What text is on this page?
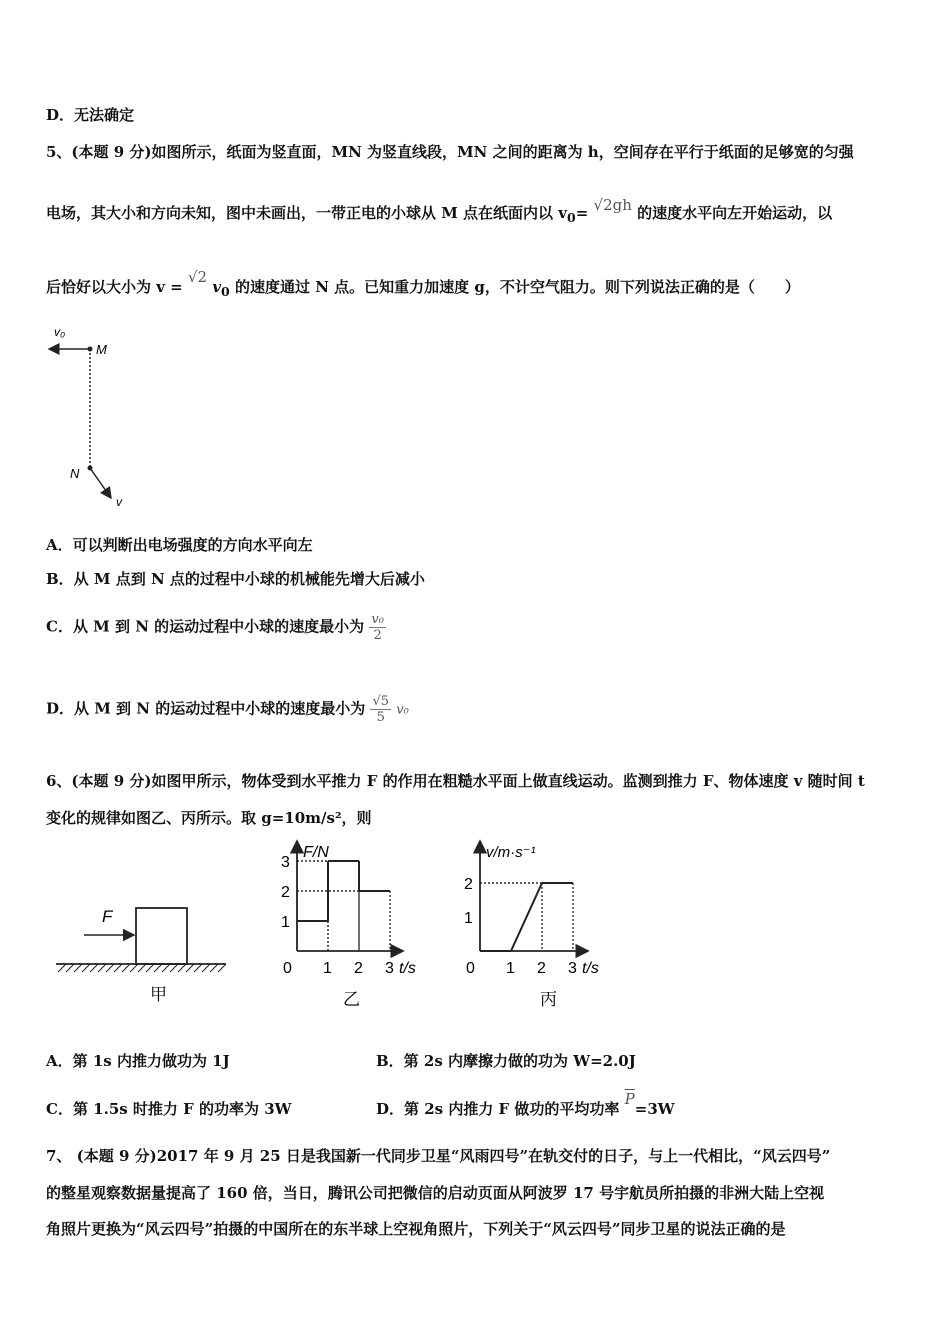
D．无法确定
5、(本题 9 分)如图所示，纸面为竖直面，MN 为竖直线段，MN 之间的距离为 h，空间存在平行于纸面的足够宽的匀强
电场，其大小和方向未知，图中未画出，一带正电的小球从 M 点在纸面内以 $v_0= √2gh$ 的速度水平向左开始运动，以
后恰好以大小为 v = √2 $v_0$ 的速度通过 N 点。已知重力加速度 g，不计空气阻力。则下列说法正确的是（　　）
v₀
M
N
v
A．可以判断出电场强度的方向水平向左
B．从 M 点到 N 点的过程中小球的机械能先增大后减小
C．从 M 到 N 的运动过程中小球的速度最小为 $\frac{\text{v₀}}{2}$
D．从 M 到 N 的运动过程中小球的速度最小为 $\frac{√5}{5} v_0$
6、(本题 9 分)如图甲所示，物体受到水平推力 F 的作用在粗糙水平面上做直线运动。监测到推力 F、物体速度 v 随时间 t
变化的规律如图乙、丙所示。取 g=10m/s²，则
F
甲
F/N
t/s
0 1 2 3
1
2
3
乙
v/m·s⁻¹
t/s
0 1 2 3
1
2
丙
A．第 1s 内推力做功为 1J	B．第 2s 内摩擦力做的功为 W=2.0J
C．第 1.5s 时推力 F 的功率为 3W	D．第 2s 内推力 F 做功的平均功率 $\overline{P}=3W$
7、 (本题 9 分)2017 年 9 月 25 日是我国新一代同步卫星“风雨四号”在轨交付的日子，与上一代相比，“风云四号”
的整星观察数据量提高了 160 倍，当日，腾讯公司把微信的启动页面从阿波罗 17 号宇航员所拍摄的非洲大陆上空视
角照片更换为“风云四号”拍摄的中国所在的东半球上空视角照片，下列关于“风云四号”同步卫星的说法正确的是
